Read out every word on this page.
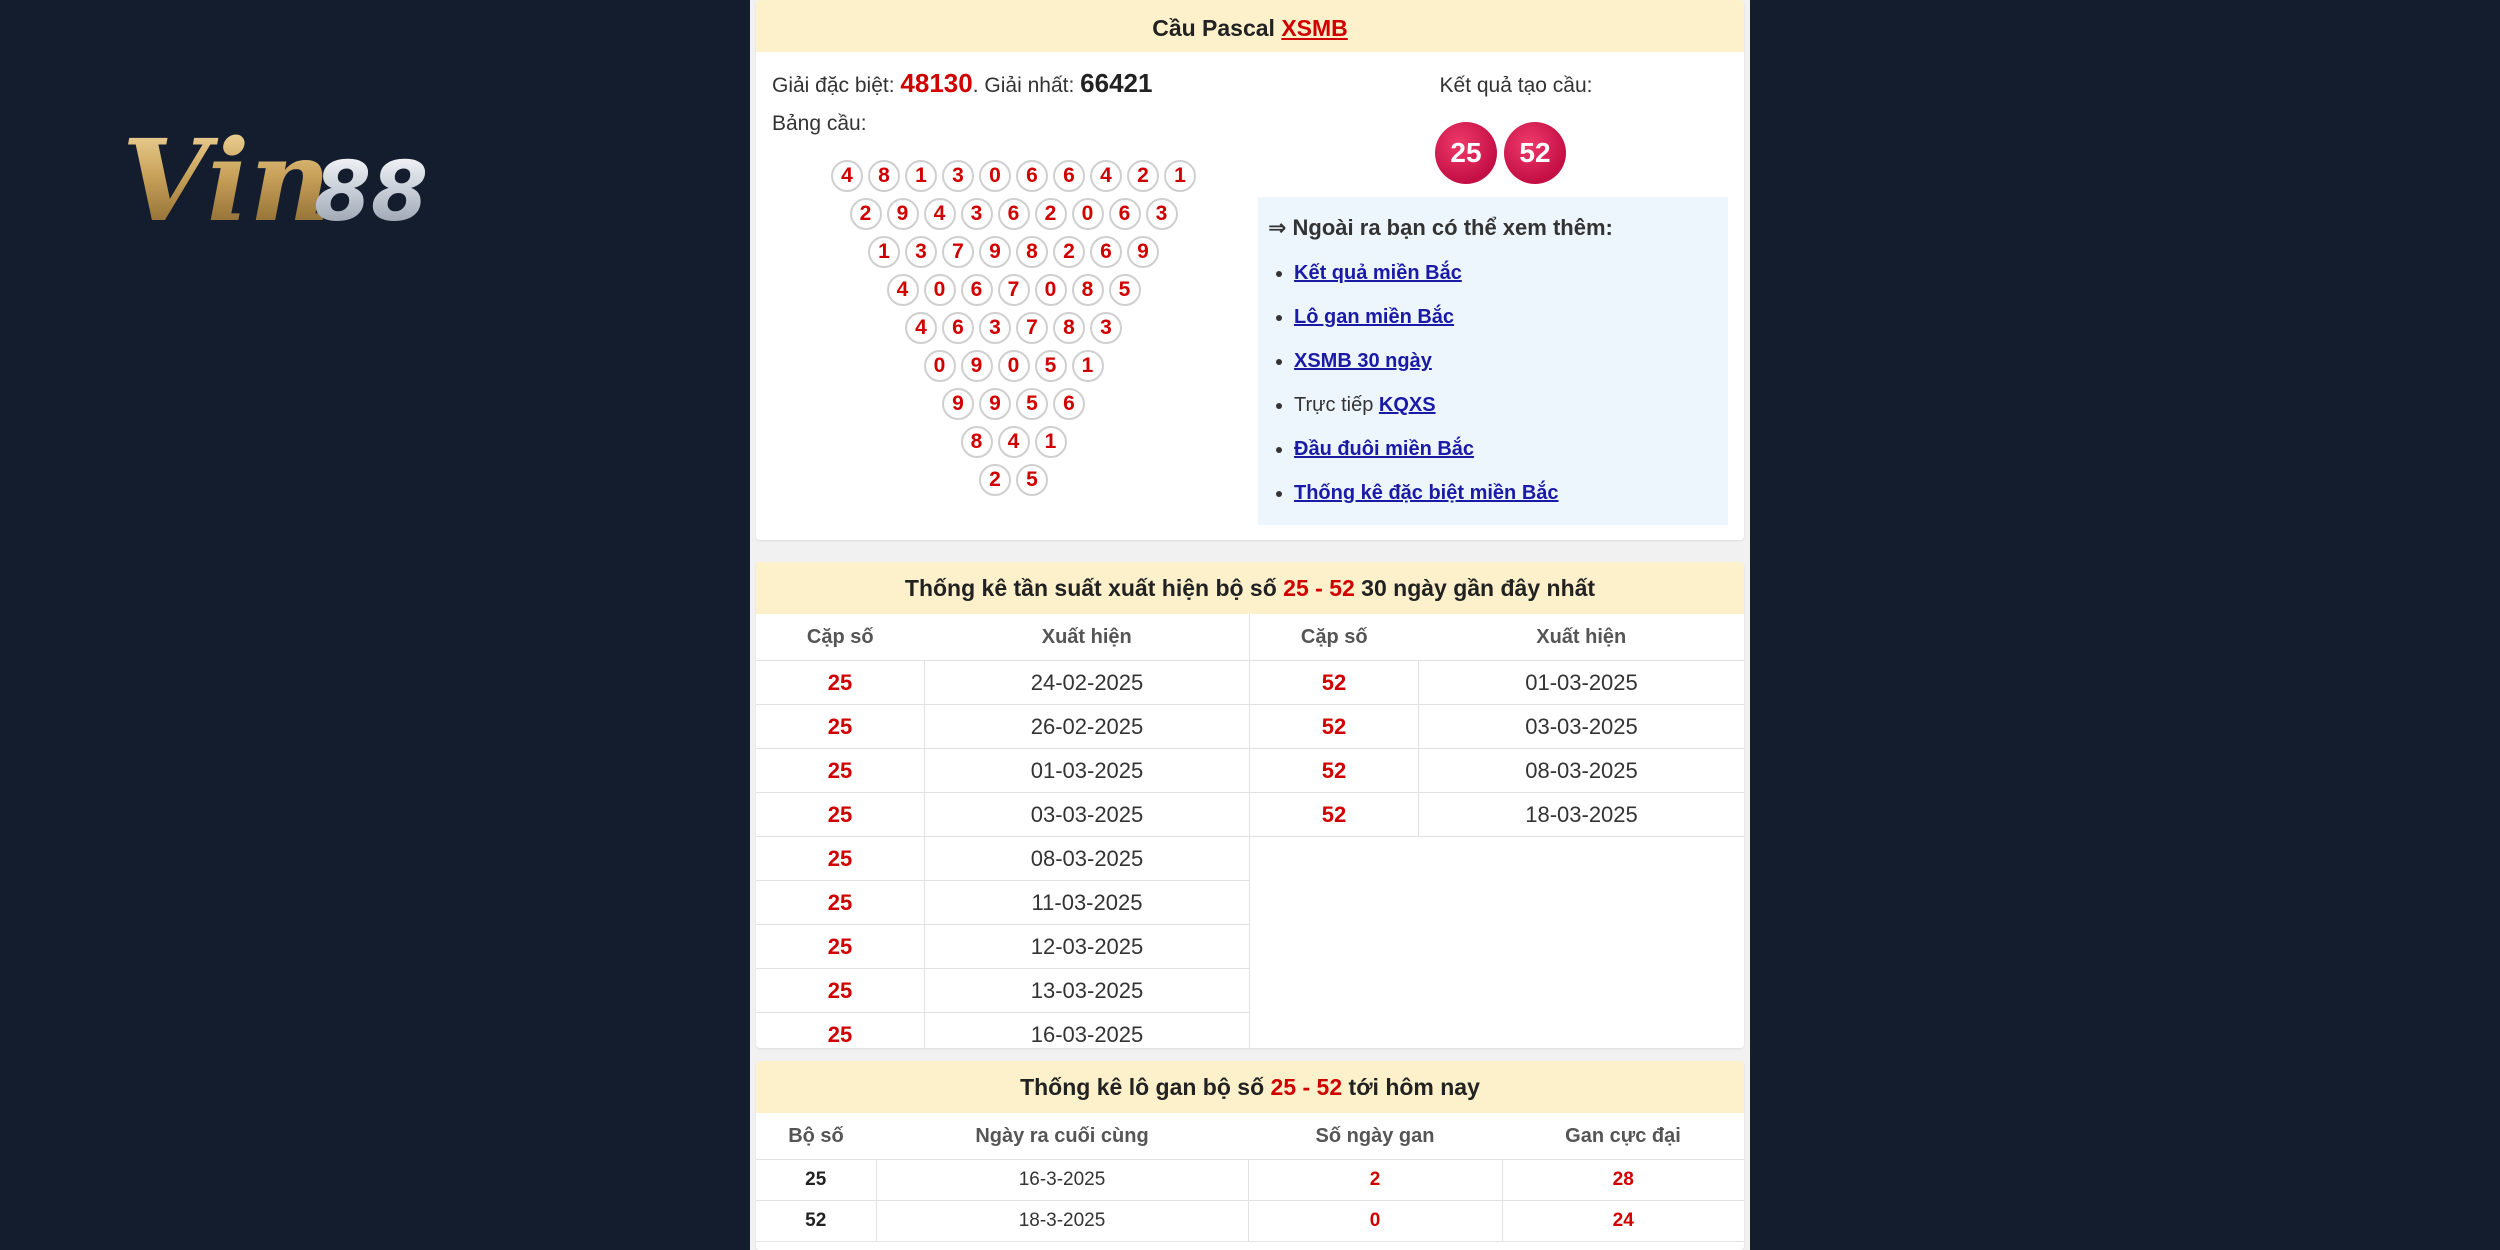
Vin
88
Cầu Pascal XSMB
Giải đặc biệt: 48130. Giải nhất: 66421
Bảng cầu:
4	8	1	3	0	6	6	4	2	1
2	9	4	3	6	2	0	6	3
1	3	7	9	8	2	6	9
4	0	6	7	0	8	5
4	6	3	7	8	3
0	9	0	5	1
9	9	5	6
8	4	1
2	5
Kết quả tạo cầu:
25	52
⇒ Ngoài ra bạn có thể xem thêm:
• Kết quả miền Bắc
• Lô gan miền Bắc
• XSMB 30 ngày
• Trực tiếp KQXS
• Đầu đuôi miền Bắc
• Thống kê đặc biệt miền Bắc
Thống kê tần suất xuất hiện bộ số 25 - 52 30 ngày gần đây nhất
Cặp số	Xuất hiện
25	24-02-2025
25	26-02-2025
25	01-03-2025
25	03-03-2025
25	08-03-2025
25	11-03-2025
25	12-03-2025
25	13-03-2025
25	16-03-2025
Cặp số	Xuất hiện
52	01-03-2025
52	03-03-2025
52	08-03-2025
52	18-03-2025
Thống kê lô gan bộ số 25 - 52 tới hôm nay
Bộ số	Ngày ra cuối cùng	Số ngày gan	Gan cực đại
25	16-3-2025	2	28
52	18-3-2025	0	24
